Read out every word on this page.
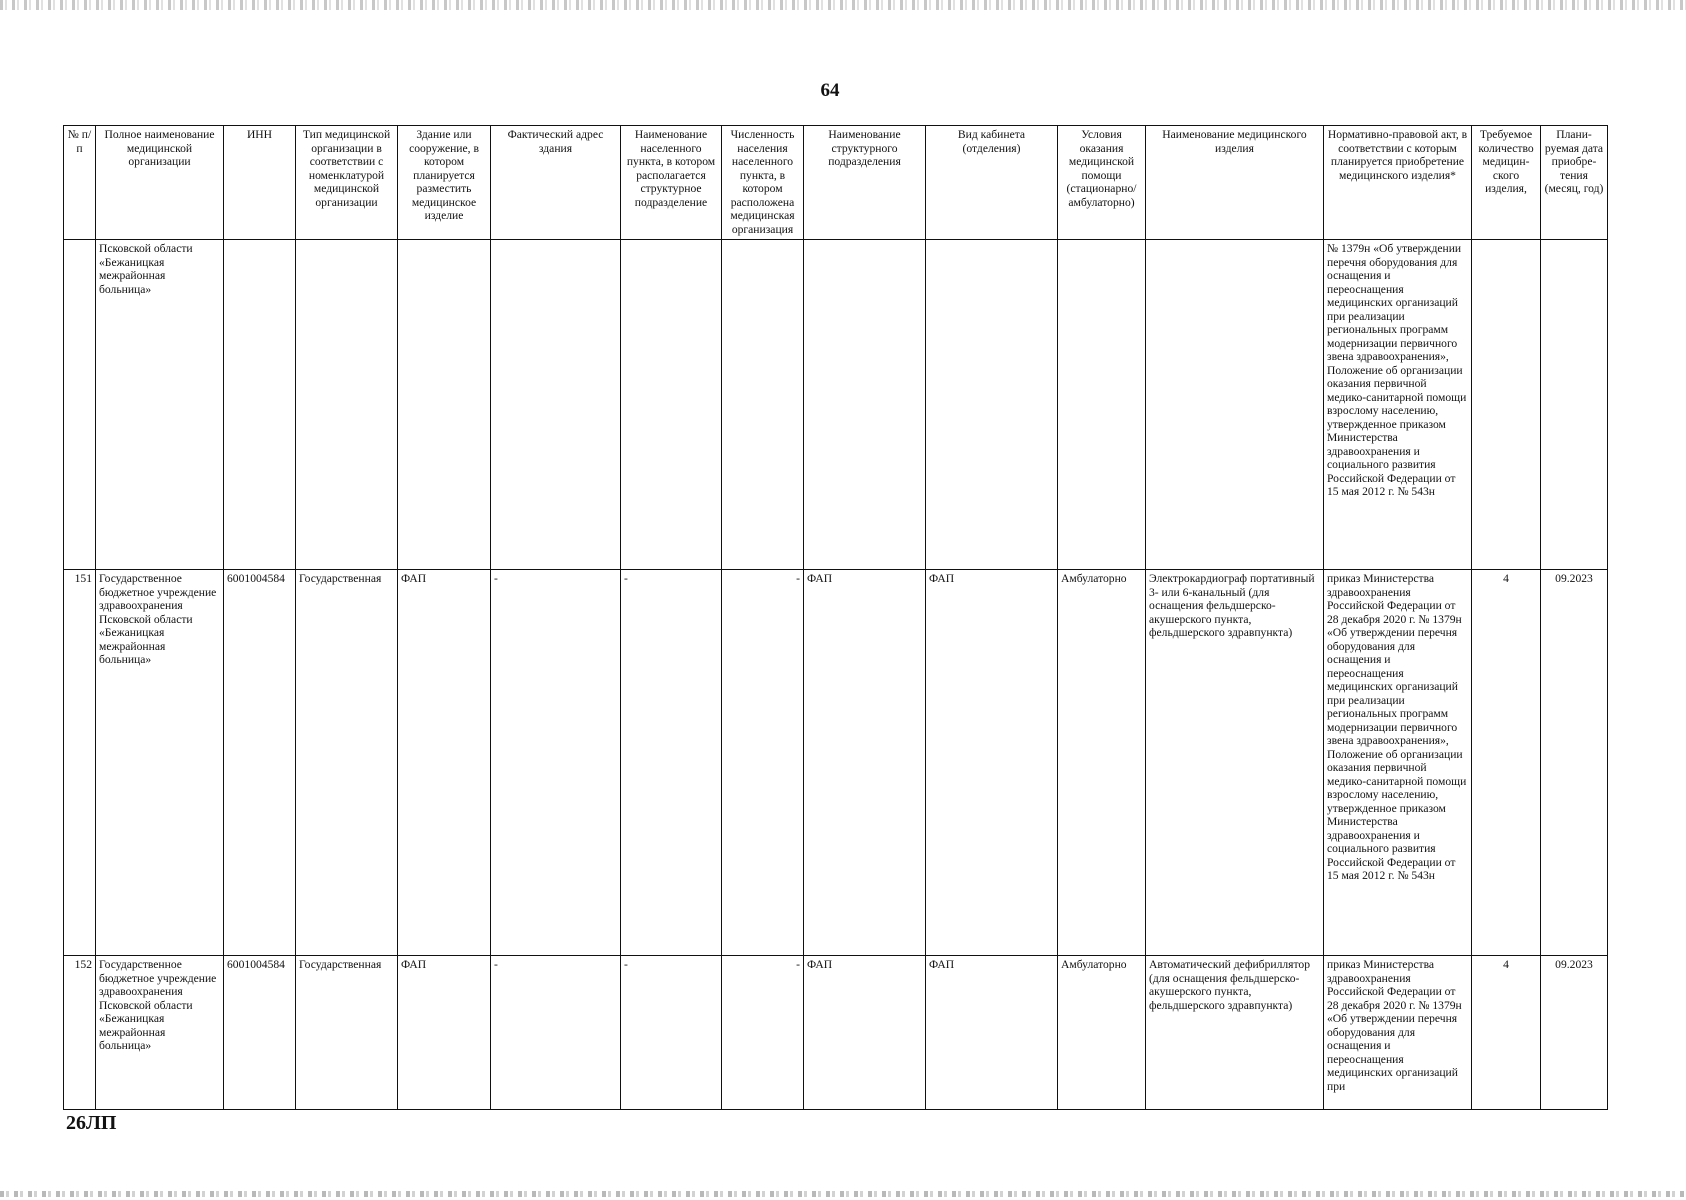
64
№ п/п	Полное наименование медицинской организации	ИНН	Тип медицинской организации в соответствии с номенклатурой медицинской организации	Здание или сооружение, в котором планируется разместить медицинское изделие	Фактический адрес здания	Наименование населенного пункта, в котором располагается структурное подразделение	Численность населения населенного пункта, в котором расположена медицинская организация	Наименование структурного подразделения	Вид кабинета (отделения)	Условия оказания медицинской помощи (стационарно/ амбулаторно)	Наименование медицинского изделия	Нормативно-правовой акт, в соответствии с которым планируется приобретение медицинского изделия*	Требуемое количество медицин-ского изделия,	Плани-руемая дата приобре-тения (месяц, год)
	Псковской области «Бежаницкая межрайонная больница»											№ 1379н «Об утверждении перечня оборудования для оснащения и переоснащения медицинских организаций при реализации региональных программ модернизации первичного звена здравоохранения», Положение об организации оказания первичной медико-санитарной помощи взрослому населению, утвержденное приказом Министерства здравоохранения и социального развития Российской Федерации от 15 мая 2012 г. № 543н		
151	Государственное бюджетное учреждение здравоохранения Псковской области «Бежаницкая межрайонная больница»	6001004584	Государственная	ФАП	-	-	-	ФАП	ФАП	Амбулаторно	Электрокардиограф портативный 3- или 6-канальный (для оснащения фельдшерско-акушерского пункта, фельдшерского здравпункта)	приказ Министерства здравоохранения Российской Федерации от 28 декабря 2020 г. № 1379н «Об утверждении перечня оборудования для оснащения и переоснащения медицинских организаций при реализации региональных программ модернизации первичного звена здравоохранения», Положение об организации оказания первичной медико-санитарной помощи взрослому населению, утвержденное приказом Министерства здравоохранения и социального развития Российской Федерации от 15 мая 2012 г. № 543н	4	09.2023
152	Государственное бюджетное учреждение здравоохранения Псковской области «Бежаницкая межрайонная больница»	6001004584	Государственная	ФАП	-	-	-	ФАП	ФАП	Амбулаторно	Автоматический дефибриллятор (для оснащения фельдшерско-акушерского пункта, фельдшерского здравпункта)	приказ Министерства здравоохранения Российской Федерации от 28 декабря 2020 г. № 1379н «Об утверждении перечня оборудования для оснащения и переоснащения медицинских организаций при	4	09.2023
26ЛП
